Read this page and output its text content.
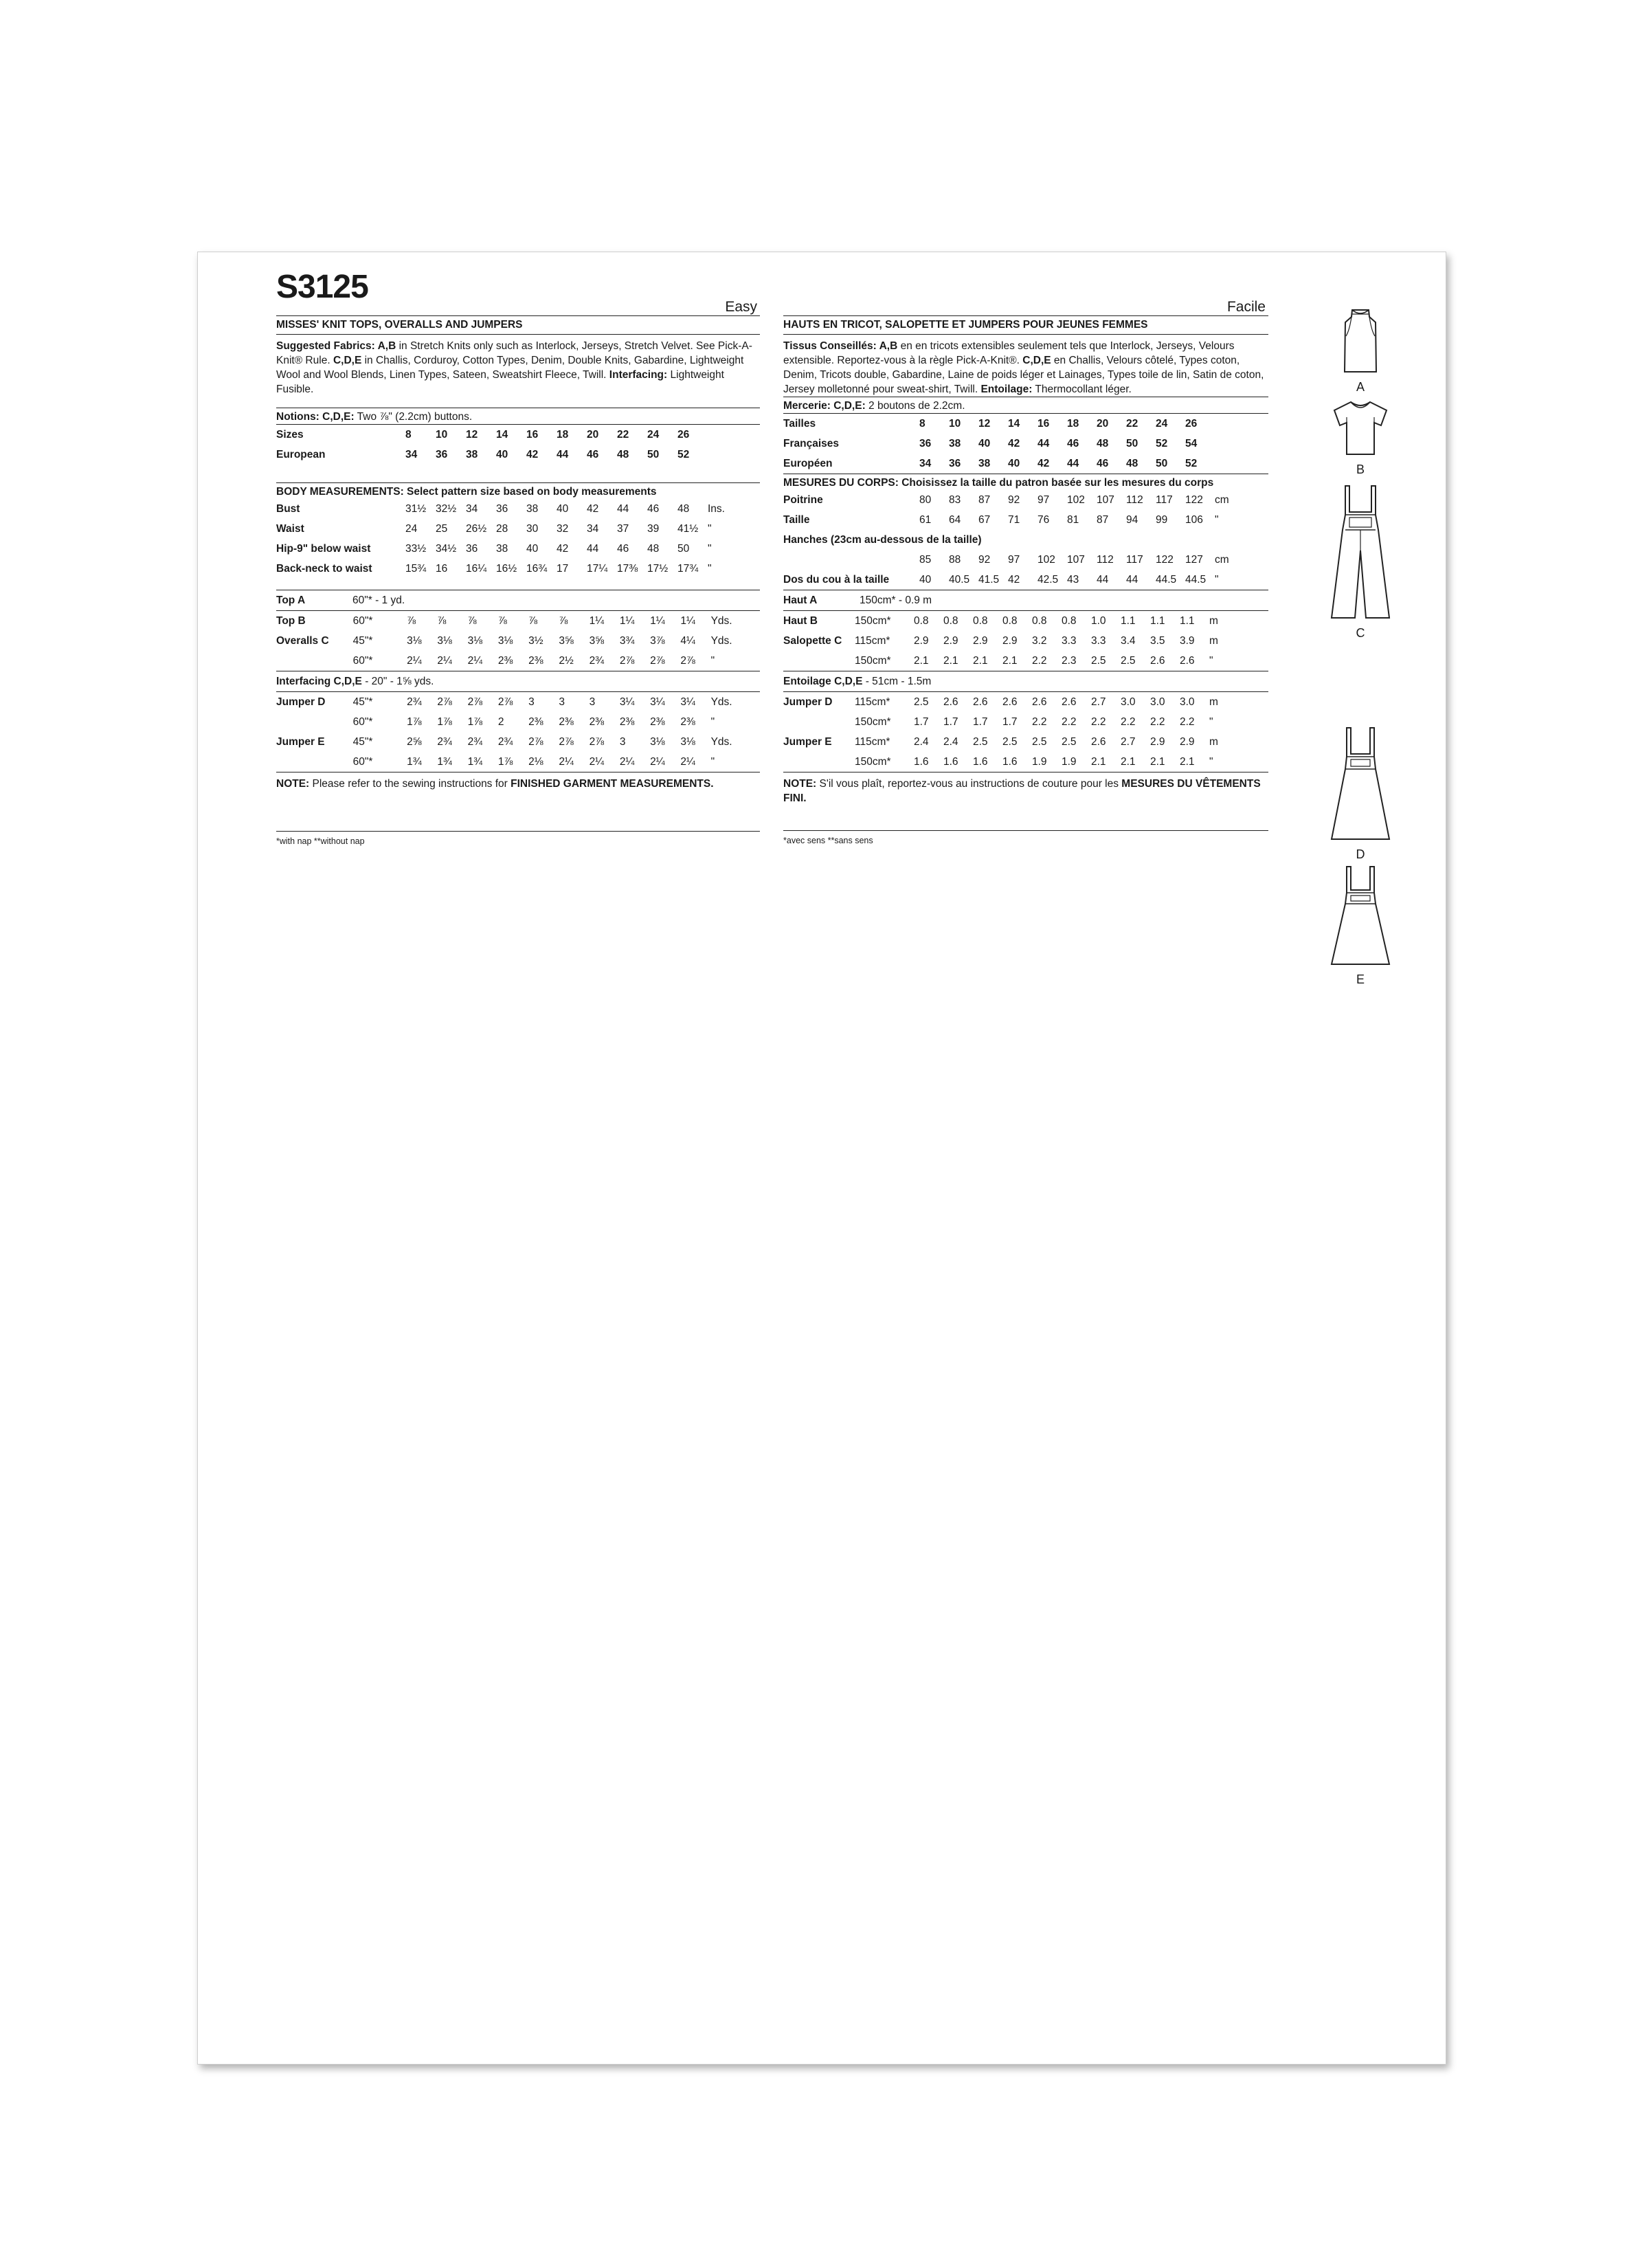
S3125
Easy
MISSES' KNIT TOPS, OVERALLS AND JUMPERS
Suggested Fabrics: A,B in Stretch Knits only such as Interlock, Jerseys, Stretch Velvet. See Pick-A-Knit® Rule. C,D,E in Challis, Corduroy, Cotton Types, Denim, Double Knits, Gabardine, Lightweight Wool and Wool Blends, Linen Types, Sateen, Sweatshirt Fleece, Twill. Interfacing: Lightweight Fusible.
Notions: C,D,E: Two ⅞" (2.2cm) buttons.
Sizes	8	10	12	14	16	18	20	22	24	26	
European	34	36	38	40	42	44	46	48	50	52	
BODY MEASUREMENTS: Select pattern size based on body measurements
Bust	31½	32½	34	36	38	40	42	44	46	48	Ins.
Waist	24	25	26½	28	30	32	34	37	39	41½	"
Hip-9" below waist	33½	34½	36	38	40	42	44	46	48	50	"
Back-neck to waist	15¾	16	16¼	16½	16¾	17	17¼	17⅜	17½	17¾	"
Top A	60"* - 1 yd.
Top B	60"*	⅞	⅞	⅞	⅞	⅞	⅞	1¼	1¼	1¼	1¼	Yds.
Overalls C	45"*	3⅛	3⅛	3⅛	3⅛	3½	3⅝	3⅝	3¾	3⅞	4¼	Yds.
	60"*	2¼	2¼	2¼	2⅜	2⅜	2½	2¾	2⅞	2⅞	2⅞	"
Interfacing C,D,E - 20" - 1⅝ yds.
Jumper D	45"*	2¾	2⅞	2⅞	2⅞	3	3	3	3¼	3¼	3¼	Yds.
	60"*	1⅞	1⅞	1⅞	2	2⅜	2⅜	2⅜	2⅜	2⅜	2⅜	"
Jumper E	45"*	2⅝	2¾	2¾	2¾	2⅞	2⅞	2⅞	3	3⅛	3⅛	Yds.
	60"*	1¾	1¾	1¾	1⅞	2⅛	2¼	2¼	2¼	2¼	2¼	"
NOTE: Please refer to the sewing instructions for FINISHED GARMENT MEASUREMENTS.
*with nap **without nap
Facile
HAUTS EN TRICOT, SALOPETTE ET JUMPERS POUR JEUNES FEMMES
Tissus Conseillés: A,B en en tricots extensibles seulement tels que Interlock, Jerseys, Velours extensible. Reportez-vous à la règle Pick-A-Knit®. C,D,E en Challis, Velours côtelé, Types coton, Denim, Tricots double, Gabardine, Laine de poids léger et Lainages, Types toile de lin, Satin de coton, Jersey molletonné pour sweat-shirt, Twill. Entoilage: Thermocollant léger.
Mercerie: C,D,E: 2 boutons de 2.2cm.
Tailles	8	10	12	14	16	18	20	22	24	26	
Françaises	36	38	40	42	44	46	48	50	52	54	
Européen	34	36	38	40	42	44	46	48	50	52	
MESURES DU CORPS: Choisissez la taille du patron basée sur les mesures du corps
Poitrine	80	83	87	92	97	102	107	112	117	122	cm
Taille	61	64	67	71	76	81	87	94	99	106	"
Hanches (23cm au-dessous de la taille)
	85	88	92	97	102	107	112	117	122	127	cm
Dos du cou à la taille	40	40.5	41.5	42	42.5	43	44	44	44.5	44.5	"
Haut A	150cm* - 0.9 m
Haut B	150cm*	0.8	0.8	0.8	0.8	0.8	0.8	1.0	1.1	1.1	1.1	m
Salopette C	115cm*	2.9	2.9	2.9	2.9	3.2	3.3	3.3	3.4	3.5	3.9	m
	150cm*	2.1	2.1	2.1	2.1	2.2	2.3	2.5	2.5	2.6	2.6	"
Entoilage C,D,E - 51cm - 1.5m
Jumper D	115cm*	2.5	2.6	2.6	2.6	2.6	2.6	2.7	3.0	3.0	3.0	m
	150cm*	1.7	1.7	1.7	1.7	2.2	2.2	2.2	2.2	2.2	2.2	"
Jumper E	115cm*	2.4	2.4	2.5	2.5	2.5	2.5	2.6	2.7	2.9	2.9	m
	150cm*	1.6	1.6	1.6	1.6	1.9	1.9	2.1	2.1	2.1	2.1	"
NOTE: S'il vous plaît, reportez-vous au instructions de couture pour les MESURES DU VÊTEMENTS FINI.
*avec sens **sans sens
A
B
C
D
E
